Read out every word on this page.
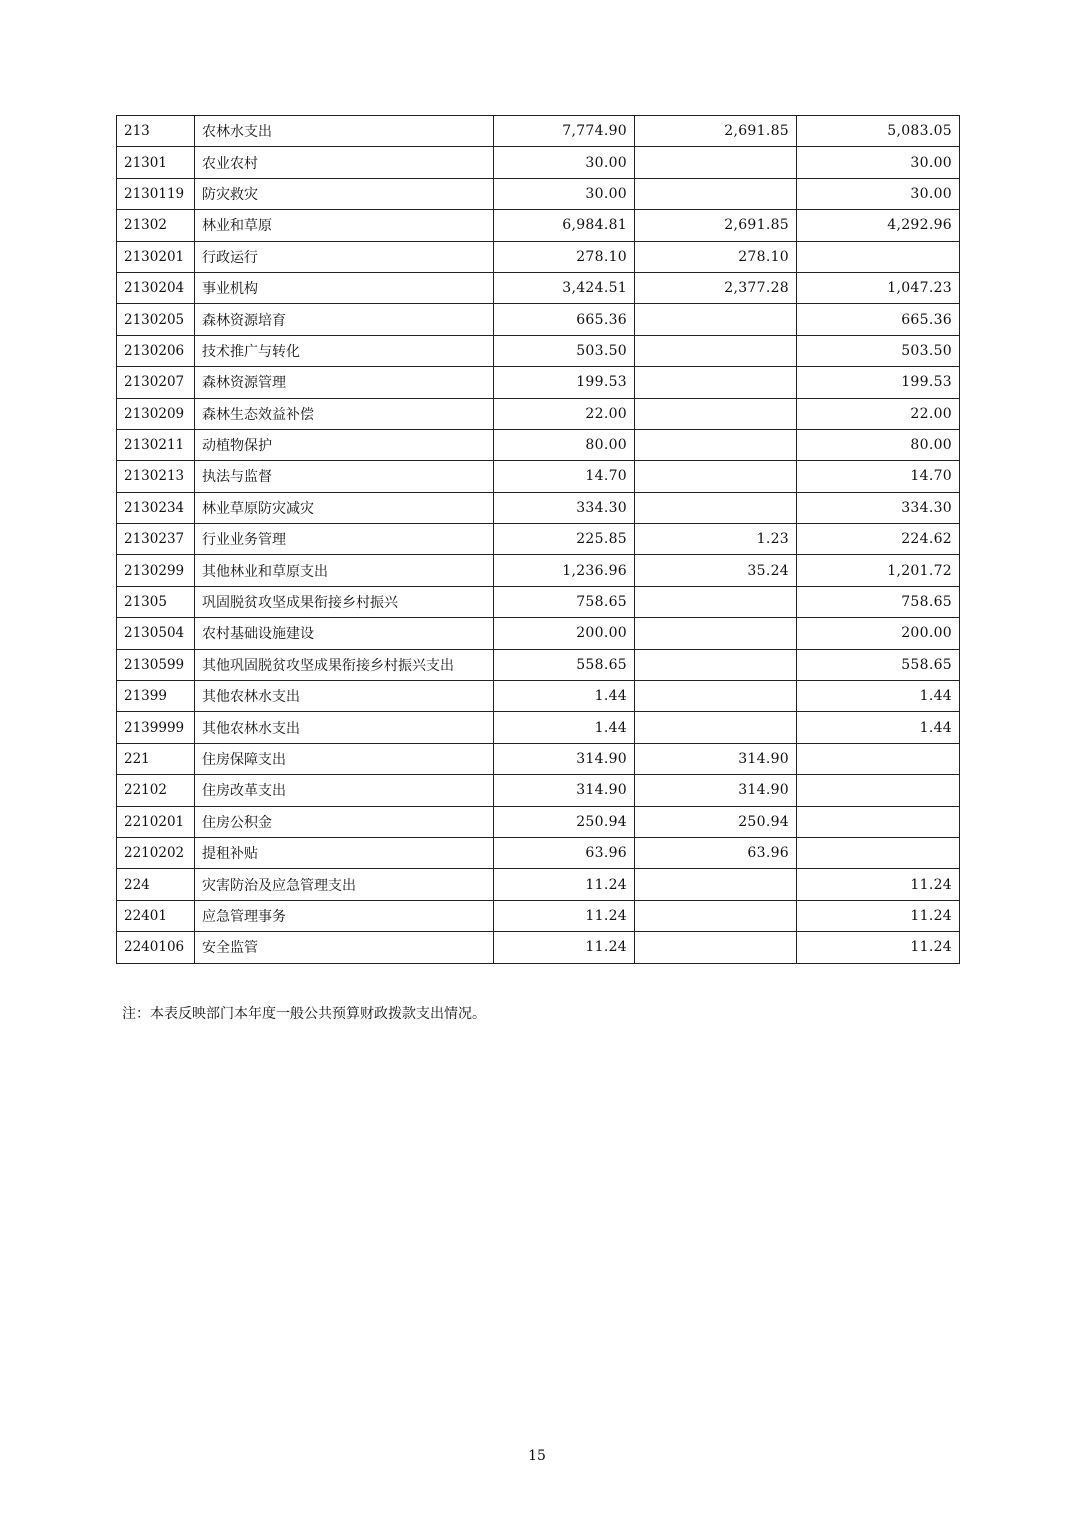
213	农林水支出	7,774.90	2,691.85	5,083.05
21301	农业农村	30.00		30.00
2130119	防灾救灾	30.00		30.00
21302	林业和草原	6,984.81	2,691.85	4,292.96
2130201	行政运行	278.10	278.10	
2130204	事业机构	3,424.51	2,377.28	1,047.23
2130205	森林资源培育	665.36		665.36
2130206	技术推广与转化	503.50		503.50
2130207	森林资源管理	199.53		199.53
2130209	森林生态效益补偿	22.00		22.00
2130211	动植物保护	80.00		80.00
2130213	执法与监督	14.70		14.70
2130234	林业草原防灾减灾	334.30		334.30
2130237	行业业务管理	225.85	1.23	224.62
2130299	其他林业和草原支出	1,236.96	35.24	1,201.72
21305	巩固脱贫攻坚成果衔接乡村振兴	758.65		758.65
2130504	农村基础设施建设	200.00		200.00
2130599	其他巩固脱贫攻坚成果衔接乡村振兴支出	558.65		558.65
21399	其他农林水支出	1.44		1.44
2139999	其他农林水支出	1.44		1.44
221	住房保障支出	314.90	314.90	
22102	住房改革支出	314.90	314.90	
2210201	住房公积金	250.94	250.94	
2210202	提租补贴	63.96	63.96	
224	灾害防治及应急管理支出	11.24		11.24
22401	应急管理事务	11.24		11.24
2240106	安全监管	11.24		11.24
注：本表反映部门本年度一般公共预算财政拨款支出情况。
15
